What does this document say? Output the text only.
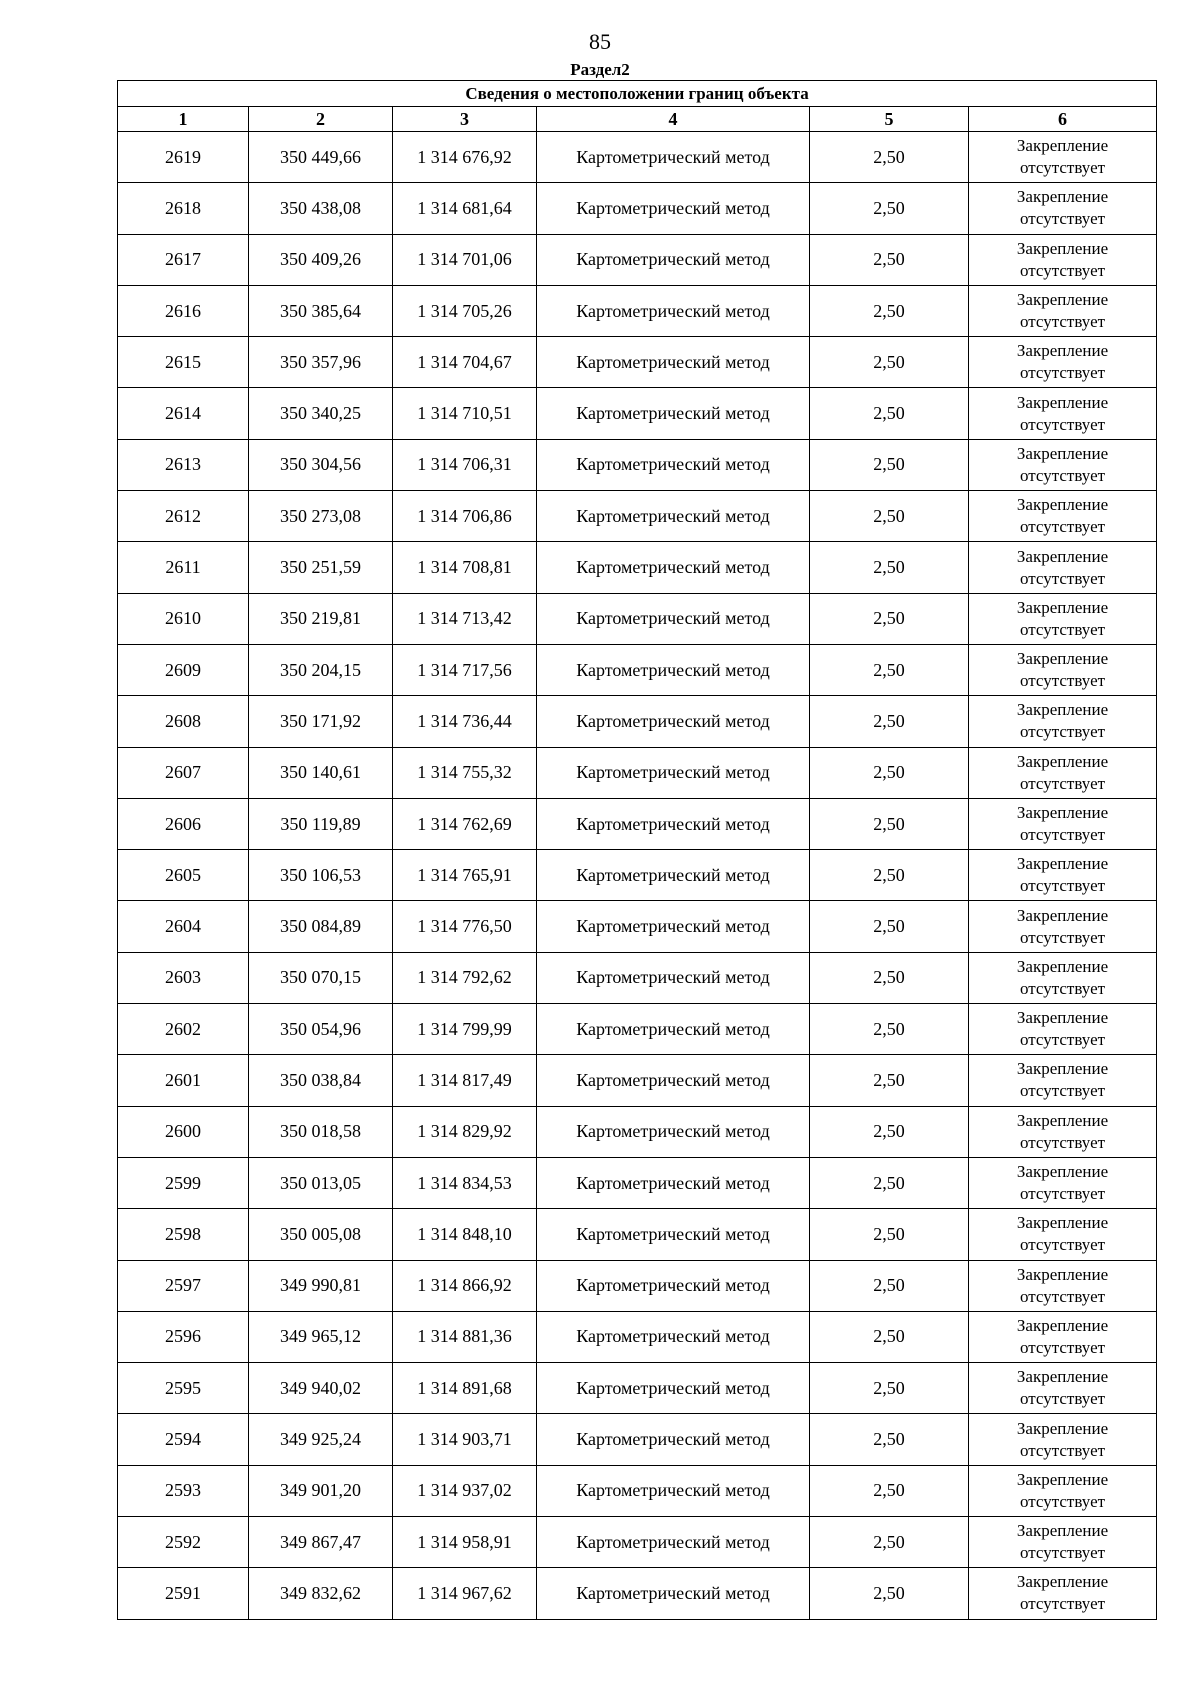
85
Раздел2
Сведения о местоположении границ объекта					
1	2	3	4	5	6
2619	350 449,66	1 314 676,92	Картометрический метод	2,50	Закрепление
отсутствует

2618	350 438,08	1 314 681,64	Картометрический метод	2,50	Закрепление
отсутствует

2617	350 409,26	1 314 701,06	Картометрический метод	2,50	Закрепление
отсутствует

2616	350 385,64	1 314 705,26	Картометрический метод	2,50	Закрепление
отсутствует

2615	350 357,96	1 314 704,67	Картометрический метод	2,50	Закрепление
отсутствует

2614	350 340,25	1 314 710,51	Картометрический метод	2,50	Закрепление
отсутствует

2613	350 304,56	1 314 706,31	Картометрический метод	2,50	Закрепление
отсутствует

2612	350 273,08	1 314 706,86	Картометрический метод	2,50	Закрепление
отсутствует

2611	350 251,59	1 314 708,81	Картометрический метод	2,50	Закрепление
отсутствует

2610	350 219,81	1 314 713,42	Картометрический метод	2,50	Закрепление
отсутствует

2609	350 204,15	1 314 717,56	Картометрический метод	2,50	Закрепление
отсутствует

2608	350 171,92	1 314 736,44	Картометрический метод	2,50	Закрепление
отсутствует

2607	350 140,61	1 314 755,32	Картометрический метод	2,50	Закрепление
отсутствует

2606	350 119,89	1 314 762,69	Картометрический метод	2,50	Закрепление
отсутствует

2605	350 106,53	1 314 765,91	Картометрический метод	2,50	Закрепление
отсутствует

2604	350 084,89	1 314 776,50	Картометрический метод	2,50	Закрепление
отсутствует

2603	350 070,15	1 314 792,62	Картометрический метод	2,50	Закрепление
отсутствует

2602	350 054,96	1 314 799,99	Картометрический метод	2,50	Закрепление
отсутствует

2601	350 038,84	1 314 817,49	Картометрический метод	2,50	Закрепление
отсутствует

2600	350 018,58	1 314 829,92	Картометрический метод	2,50	Закрепление
отсутствует

2599	350 013,05	1 314 834,53	Картометрический метод	2,50	Закрепление
отсутствует

2598	350 005,08	1 314 848,10	Картометрический метод	2,50	Закрепление
отсутствует

2597	349 990,81	1 314 866,92	Картометрический метод	2,50	Закрепление
отсутствует

2596	349 965,12	1 314 881,36	Картометрический метод	2,50	Закрепление
отсутствует

2595	349 940,02	1 314 891,68	Картометрический метод	2,50	Закрепление
отсутствует

2594	349 925,24	1 314 903,71	Картометрический метод	2,50	Закрепление
отсутствует

2593	349 901,20	1 314 937,02	Картометрический метод	2,50	Закрепление
отсутствует

2592	349 867,47	1 314 958,91	Картометрический метод	2,50	Закрепление
отсутствует

2591	349 832,62	1 314 967,62	Картометрический метод	2,50	Закрепление
отсутствует
